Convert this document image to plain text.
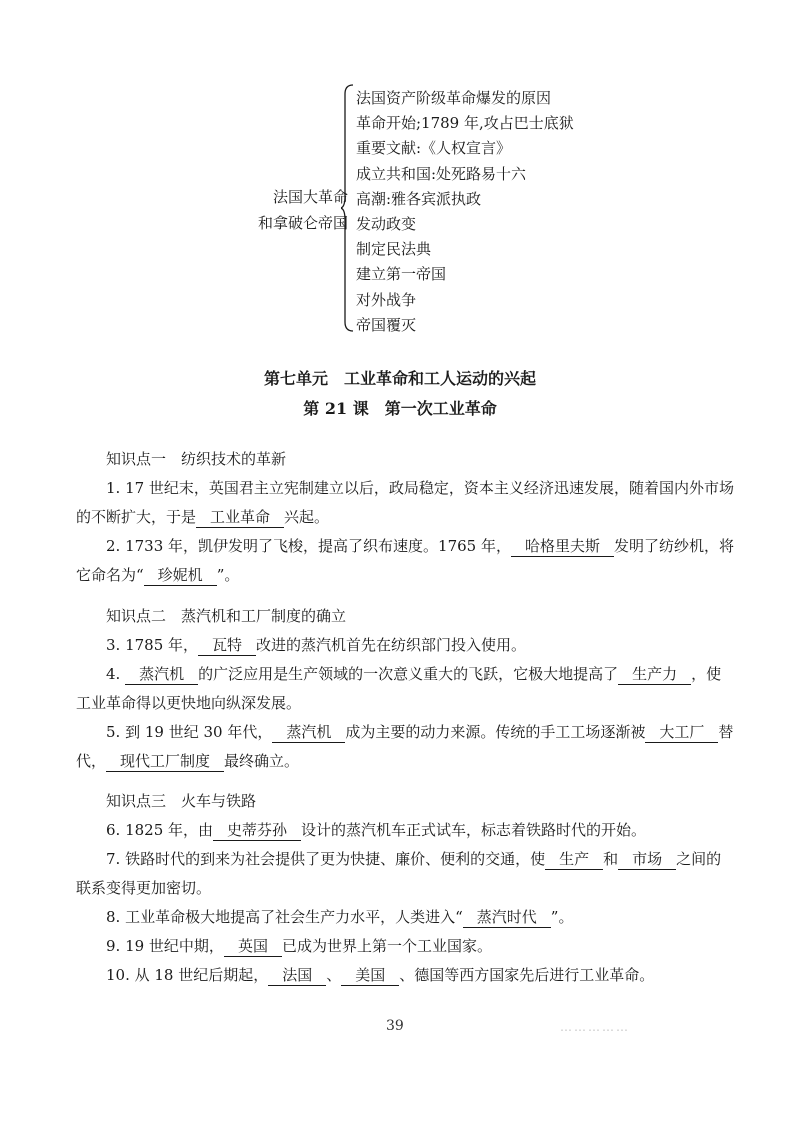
法国大革命
和拿破仑帝国
法国资产阶级革命爆发的原因
革命开始;1789 年,攻占巴士底狱
重要文献:《人权宣言》
成立共和国:处死路易十六
高潮:雅各宾派执政
发动政变
制定民法典
建立第一帝国
对外战争
帝国覆灭
第七单元　工业革命和工人运动的兴起
第 21 课　第一次工业革命
知识点一　纺织技术的革新

1. 17 世纪末，英国君主立宪制建立以后，政局稳定，资本主义经济迅速发展，随着国内外市场的不断扩大，于是 工业革命 兴起。

2. 1733 年，凯伊发明了飞梭，提高了织布速度。1765 年， 哈格里夫斯 发明了纺纱机，将它命名为“ 珍妮机 ”。

知识点二　蒸汽机和工厂制度的确立

3. 1785 年， 瓦特 改进的蒸汽机首先在纺织部门投入使用。

4. 蒸汽机 的广泛应用是生产领域的一次意义重大的飞跃，它极大地提高了 生产力 ，使工业革命得以更快地向纵深发展。

5. 到 19 世纪 30 年代， 蒸汽机 成为主要的动力来源。传统的手工工场逐渐被 大工厂 替代， 现代工厂制度 最终确立。

知识点三　火车与铁路

6. 1825 年，由 史蒂芬孙 设计的蒸汽机车正式试车，标志着铁路时代的开始。

7. 铁路时代的到来为社会提供了更为快捷、廉价、便利的交通，使 生产 和 市场 之间的联系变得更加密切。

8. 工业革命极大地提高了社会生产力水平，人类进入“ 蒸汽时代 ”。

9. 19 世纪中期， 英国 已成为世界上第一个工业国家。

10. 从 18 世纪后期起， 法国 、 美国 、德国等西方国家先后进行工业革命。

39	……………
